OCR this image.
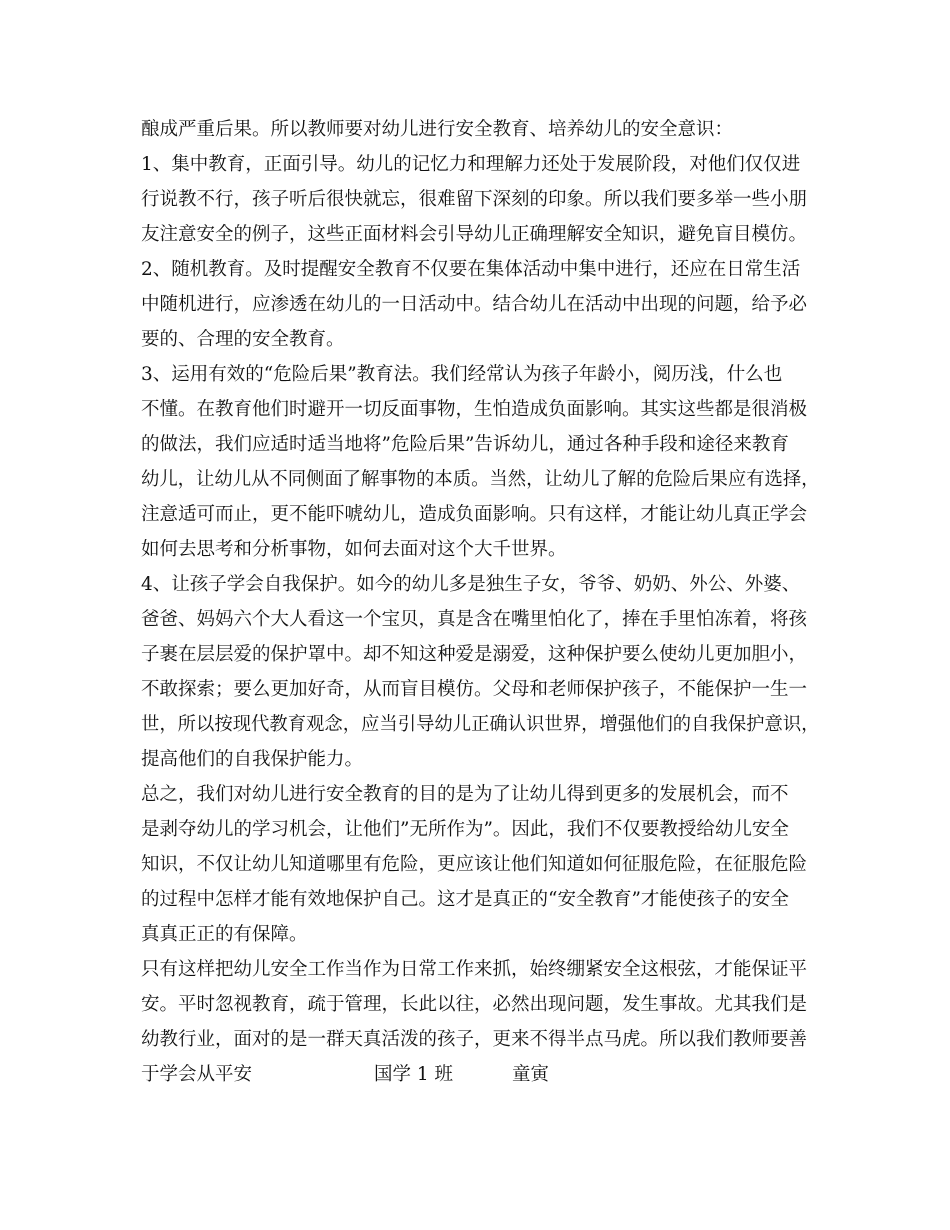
酿成严重后果。所以教师要对幼儿进行安全教育、培养幼儿的安全意识：
1、集中教育，正面引导。幼儿的记忆力和理解力还处于发展阶段，对他们仅仅进
行说教不行，孩子听后很快就忘，很难留下深刻的印象。所以我们要多举一些小朋
友注意安全的例子，这些正面材料会引导幼儿正确理解安全知识，避免盲目模仿。
2、随机教育。及时提醒安全教育不仅要在集体活动中集中进行，还应在日常生活
中随机进行，应渗透在幼儿的一日活动中。结合幼儿在活动中出现的问题，给予必
要的、合理的安全教育。
3、运用有效的“危险后果”教育法。我们经常认为孩子年龄小，阅历浅，什么也
不懂。在教育他们时避开一切反面事物，生怕造成负面影响。其实这些都是很消极
的做法，我们应适时适当地将”危险后果”告诉幼儿，通过各种手段和途径来教育
幼儿，让幼儿从不同侧面了解事物的本质。当然，让幼儿了解的危险后果应有选择，
注意适可而止，更不能吓唬幼儿，造成负面影响。只有这样，才能让幼儿真正学会
如何去思考和分析事物，如何去面对这个大千世界。
4、让孩子学会自我保护。如今的幼儿多是独生子女，爷爷、奶奶、外公、外婆、
爸爸、妈妈六个大人看这一个宝贝，真是含在嘴里怕化了，捧在手里怕冻着，将孩
子裹在层层爱的保护罩中。却不知这种爱是溺爱，这种保护要么使幼儿更加胆小，
不敢探索；要么更加好奇，从而盲目模仿。父母和老师保护孩子，不能保护一生一
世，所以按现代教育观念，应当引导幼儿正确认识世界，增强他们的自我保护意识，
提高他们的自我保护能力。
总之，我们对幼儿进行安全教育的目的是为了让幼儿得到更多的发展机会，而不
是剥夺幼儿的学习机会，让他们”无所作为”。因此，我们不仅要教授给幼儿安全
知识，不仅让幼儿知道哪里有危险，更应该让他们知道如何征服危险，在征服危险
的过程中怎样才能有效地保护自己。这才是真正的“安全教育”才能使孩子的安全
真真正正的有保障。
只有这样把幼儿安全工作当作为日常工作来抓，始终绷紧安全这根弦，才能保证平
安。平时忽视教育，疏于管理，长此以往，必然出现问题，发生事故。尤其我们是
幼教行业，面对的是一群天真活泼的孩子，更来不得半点马虎。所以我们教师要善
于学会从平安	国学 1 班	童寅
